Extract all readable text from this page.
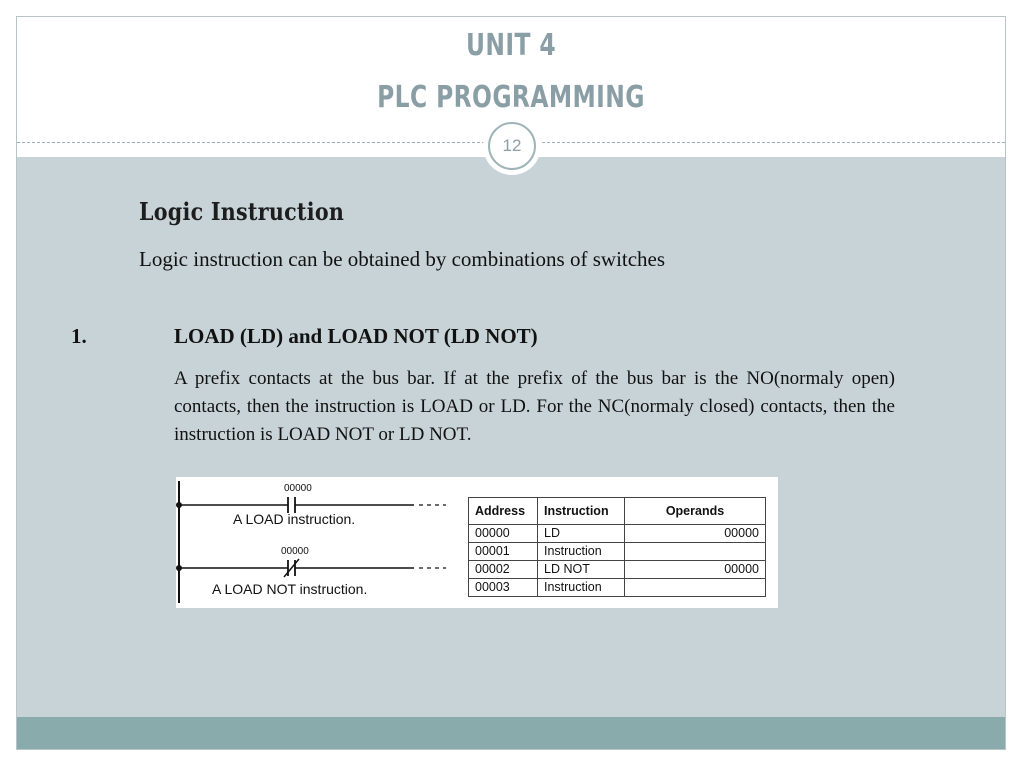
UNIT 4
PLC PROGRAMMING
12
Logic Instruction
Logic instruction can be obtained by combinations of switches
1.	LOAD (LD) and LOAD NOT (LD NOT)
A prefix contacts at the bus bar. If at the prefix of the bus bar is the NO(normaly open) contacts, then the instruction is LOAD or LD. For the NC(normaly closed) contacts, then the instruction is LOAD NOT or LD NOT.
00000
A LOAD instruction.
00000
A LOAD NOT instruction.
Address	Instruction	Operands
00000	LD	00000
00001	Instruction	
00002	LD NOT	00000
00003	Instruction	
